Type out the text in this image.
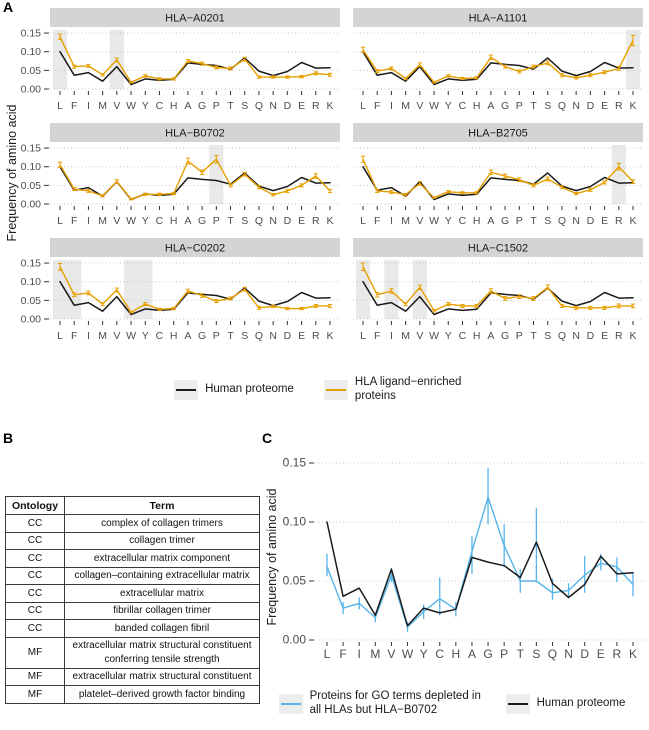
A
Frequency of amino acid
HLA−A0201
0.00
0.05
0.10
0.15
L F I M V W Y C H A G P T S Q N D E R K
HLA−A1101
L F I M V W Y C H A G P T S Q N D E R K
HLA−B0702
0.00
0.05
0.10
0.15
L F I M V W Y C H A G P T S Q N D E R K
HLA−B2705
L F I M V W Y C H A G P T S Q N D E R K
HLA−C0202
0.00
0.05
0.10
0.15
L F I M V W Y C H A G P T S Q N D E R K
HLA−C1502
L F I M V W Y C H A G P T S Q N D E R K
Human proteome
HLA ligand−enriched proteins
B
Ontology	Term
CC	complex of collagen trimers
CC	collagen trimer
CC	extracellular matrix component
CC	collagen–containing extracellular matrix
CC	extracellular matrix
CC	fibrillar collagen trimer
CC	banded collagen fibril
MF	extracellular matrix structural constituent conferring tensile strength
MF	extracellular matrix structural constituent
MF	platelet–derived growth factor binding
C
Frequency of amino acid
0.00
0.05
0.10
0.15
L F I M V W Y C H A G P T S Q N D E R K
Proteins for GO terms depleted in all HLAs but HLA−B0702
Human proteome
